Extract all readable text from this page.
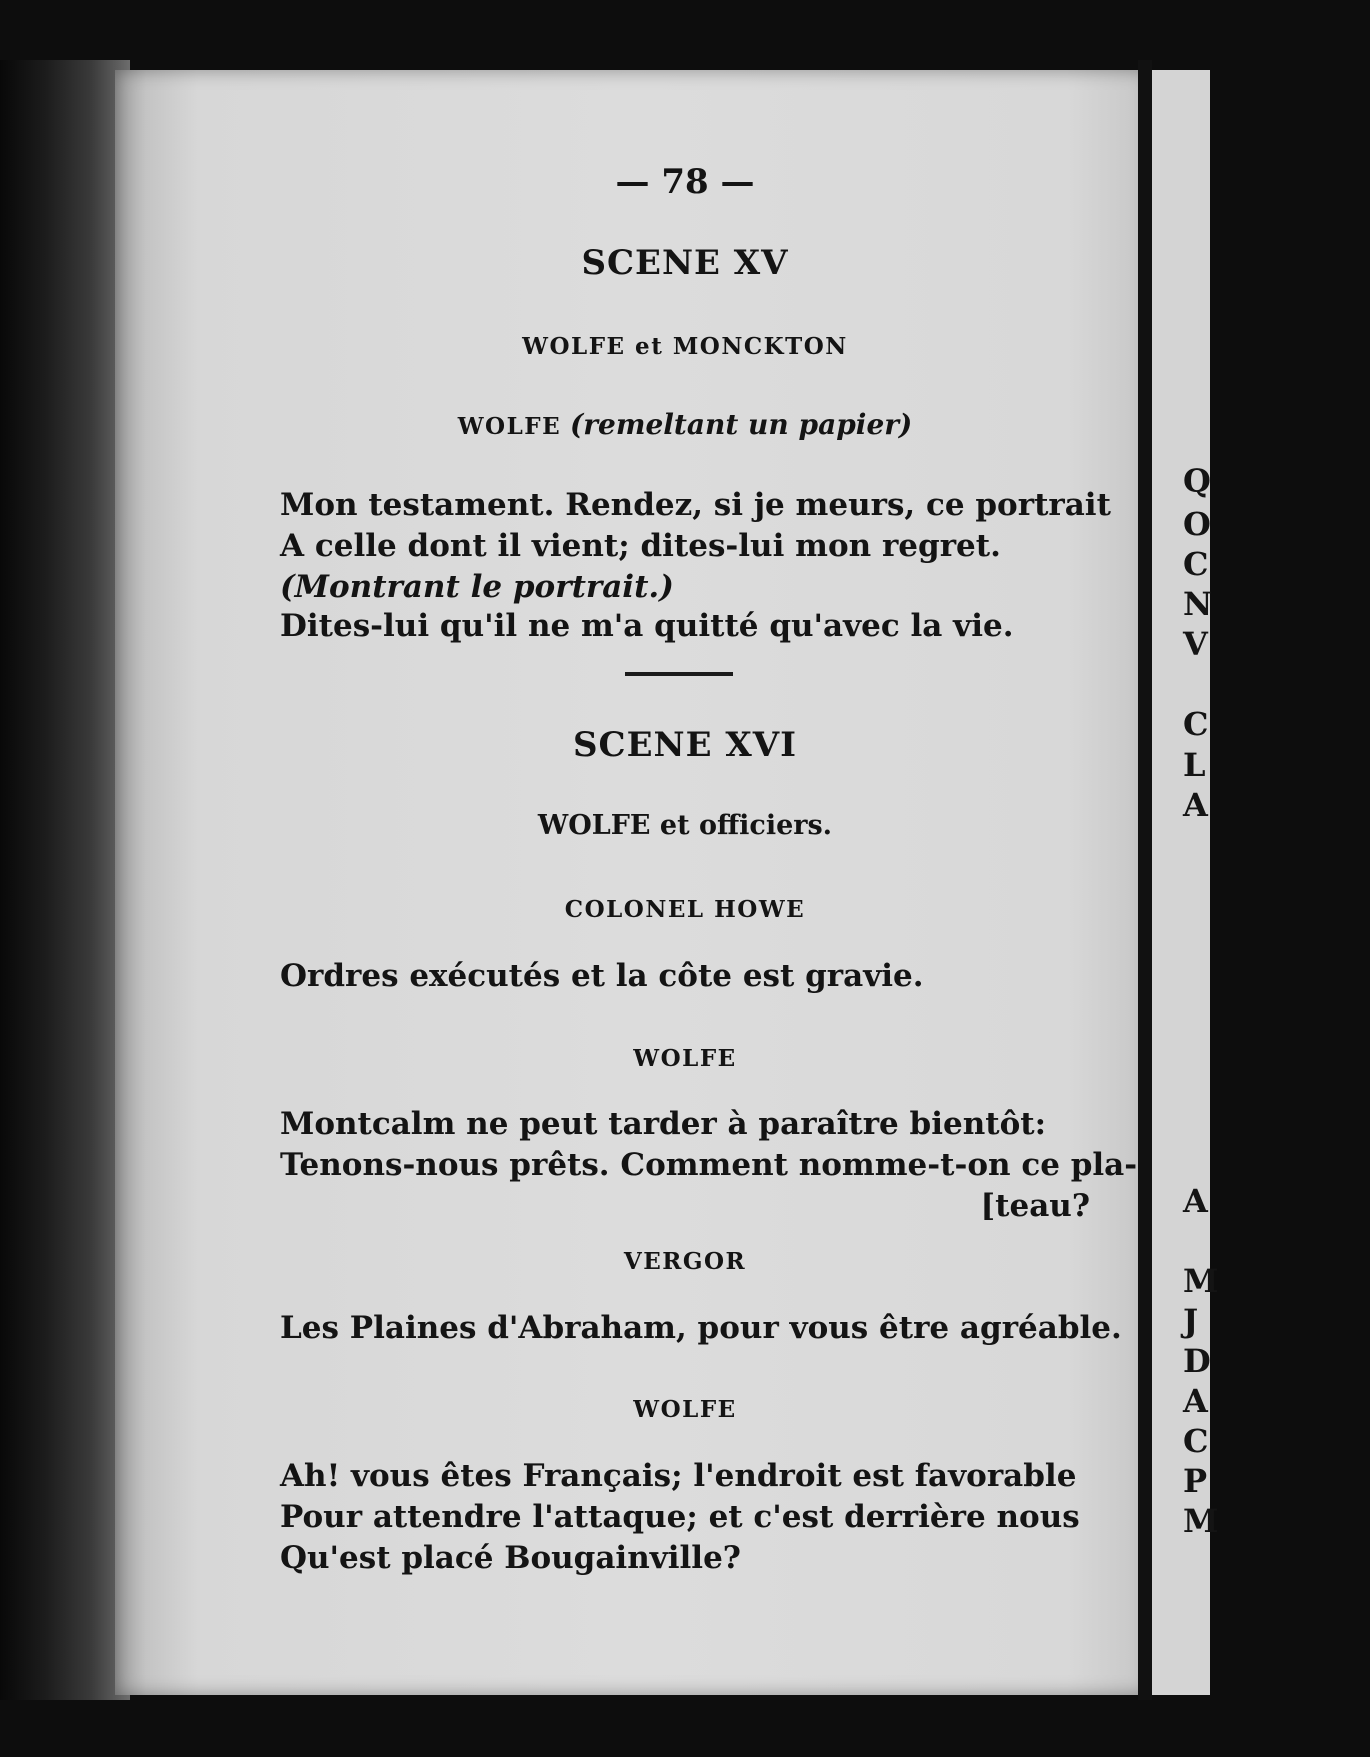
Q
O
C
N
V
C
L
A
A
M
J
D
A
C
P
M
— 78 —
SCENE XV
WOLFE et MONCKTON
WOLFE (remeltant un papier)
Mon testament. Rendez, si je meurs, ce portrait
A celle dont il vient; dites-lui mon regret.
(Montrant le portrait.)
Dites-lui qu'il ne m'a quitté qu'avec la vie.
SCENE XVI
WOLFE et officiers.
COLONEL HOWE
Ordres exécutés et la côte est gravie.
WOLFE
Montcalm ne peut tarder à paraître bientôt:
Tenons-nous prêts. Comment nomme-t-on ce pla-
[teau?
VERGOR
Les Plaines d'Abraham, pour vous être agréable.
WOLFE
Ah! vous êtes Français; l'endroit est favorable
Pour attendre l'attaque; et c'est derrière nous
Qu'est placé Bougainville?
